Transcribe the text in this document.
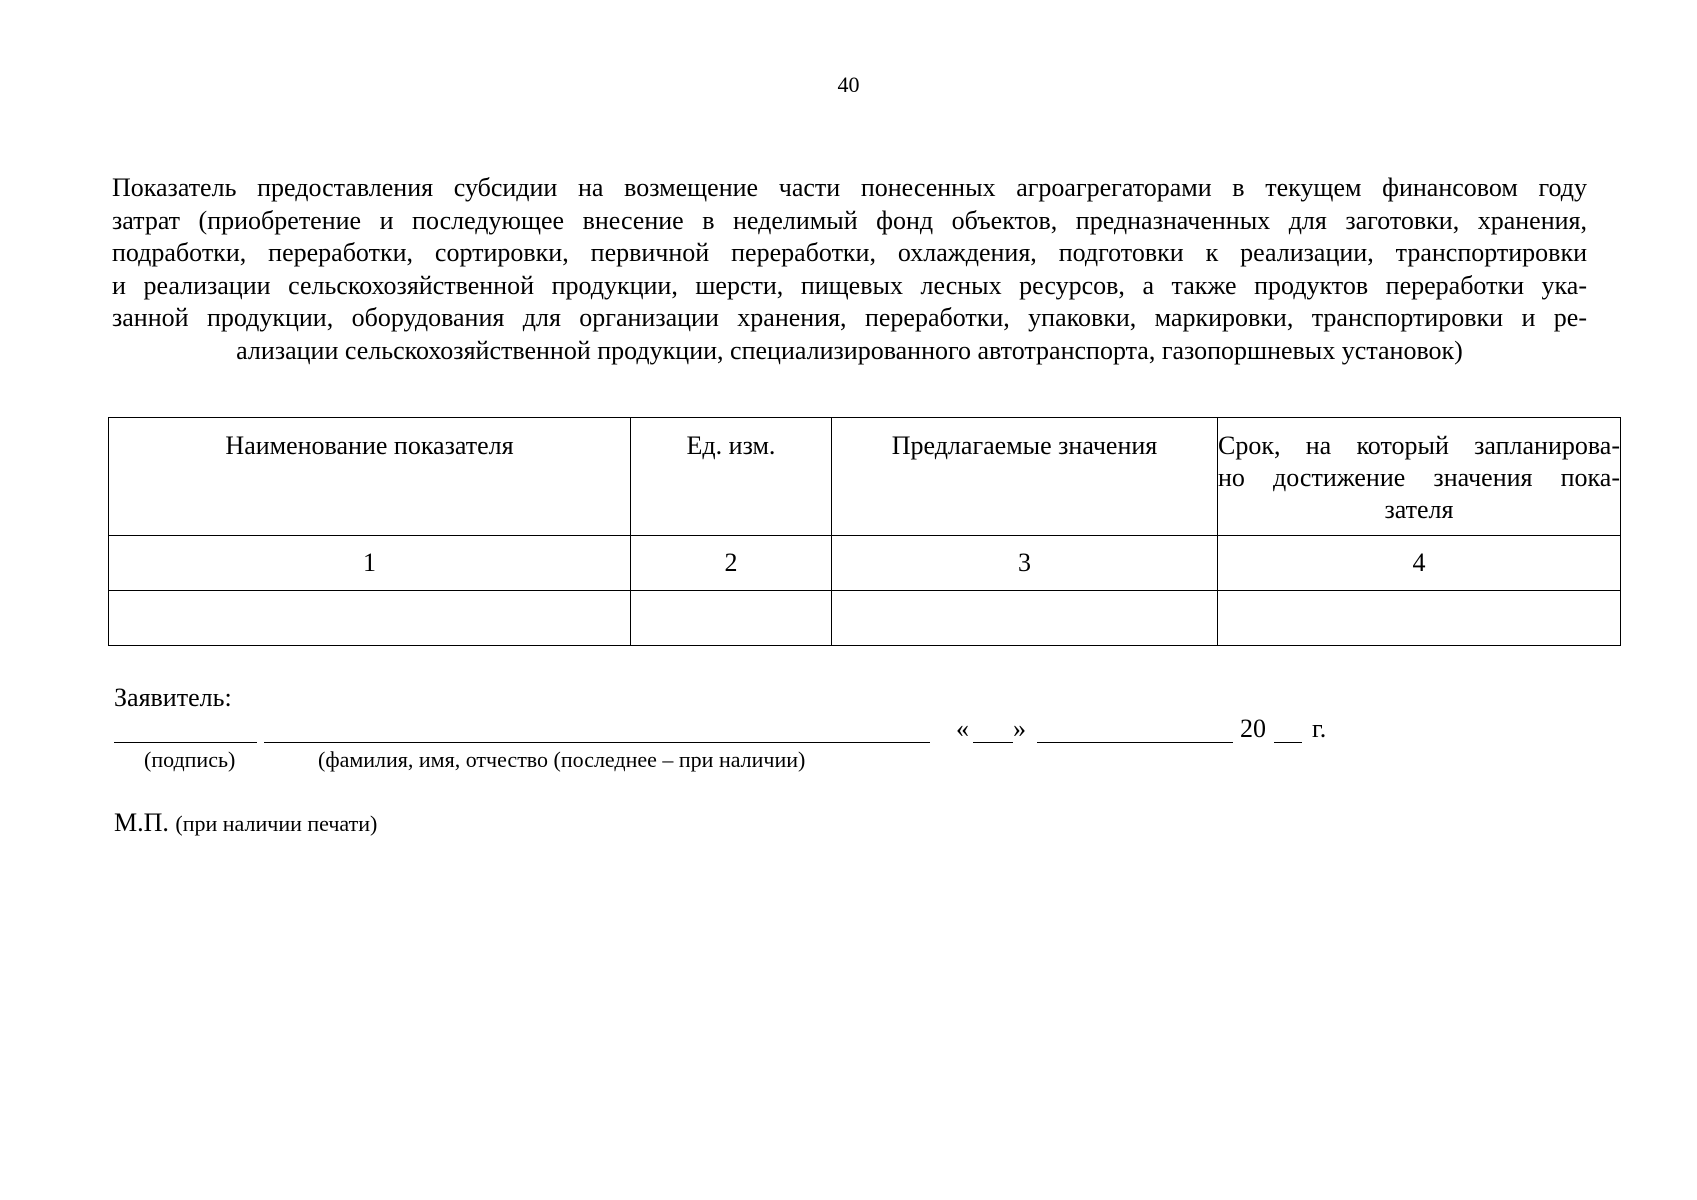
40
Показатель предоставления субсидии на возмещение части понесенных агроагрегаторами в текущем финансовом году
затрат (приобретение и последующее внесение в неделимый фонд объектов, предназначенных для заготовки, хранения,
подработки, переработки, сортировки, первичной переработки, охлаждения, подготовки к реализации, транспортировки
и реализации сельскохозяйственной продукции, шерсти, пищевых лесных ресурсов, а также продуктов переработки ука-
занной продукции, оборудования для организации хранения, переработки, упаковки, маркировки, транспортировки и ре-
ализации сельскохозяйственной продукции, специализированного автотранспорта, газопоршневых установок)
Наименование показателя	Ед. изм.	Предлагаемые значения	Срок, на который запланирова-
но достижение значения пока-
зателя

1	2	3	4

Заявитель:
(подпись)	(фамилия, имя, отчество (последнее – при наличии)
« »	20 г.
М.П. (при наличии печати)
